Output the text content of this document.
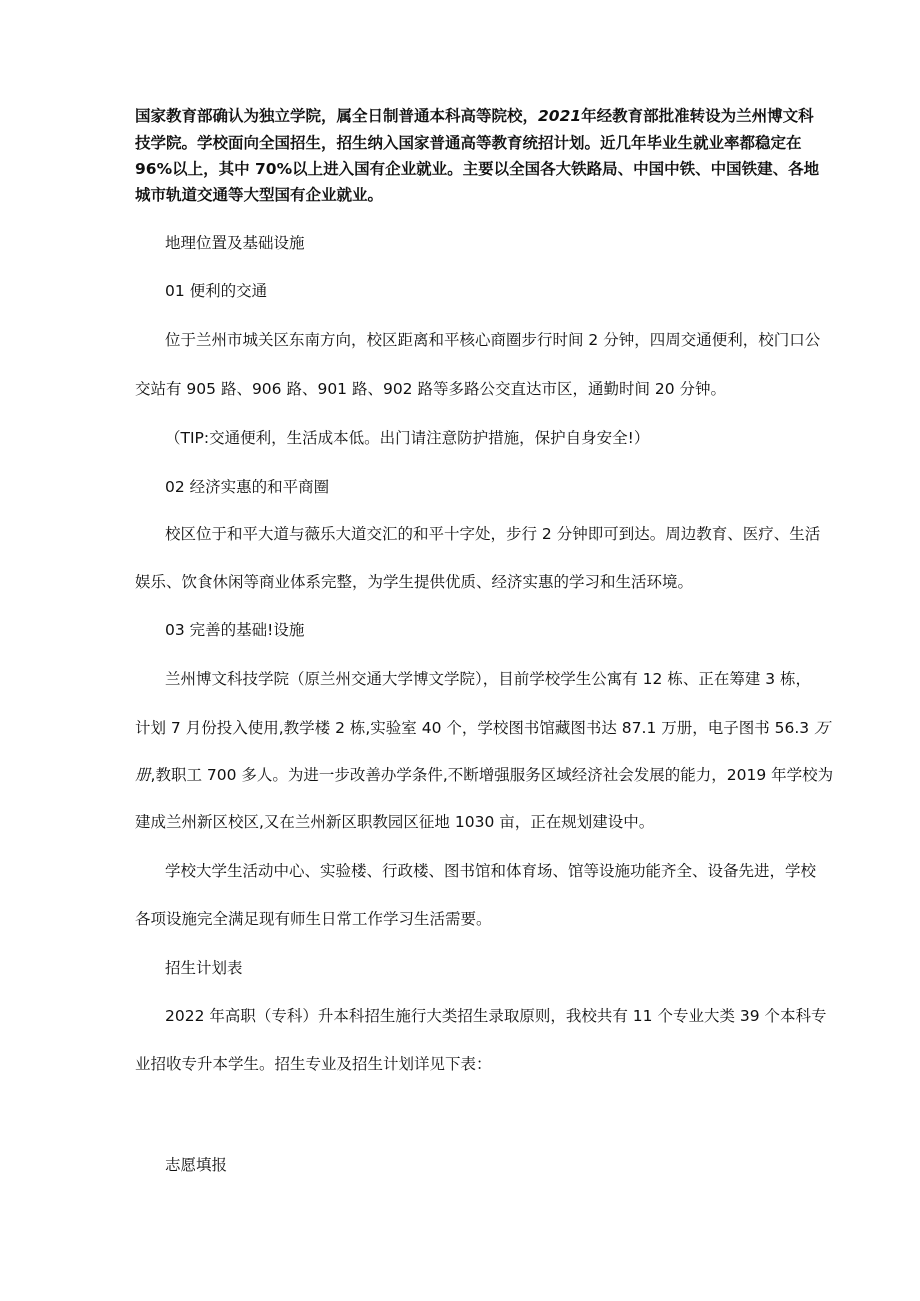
国家教育部确认为独立学院，属全日制普通本科高等院校，2021年经教育部批准转设为兰州博文科
技学院。学校面向全国招生，招生纳入国家普通高等教育统招计划。近几年毕业生就业率都稳定在
96%以上，其中 70%以上进入国有企业就业。主要以全国各大铁路局、中国中铁、中国铁建、各地
城市轨道交通等大型国有企业就业。
地理位置及基础设施
01 便利的交通
位于兰州市城关区东南方向，校区距离和平核心商圈步行时间 2 分钟，四周交通便利，校门口公
交站有 905 路、906 路、901 路、902 路等多路公交直达市区，通勤时间 20 分钟。
（TIP:交通便利，生活成本低。出门请注意防护措施，保护自身安全!）
02 经济实惠的和平商圈
校区位于和平大道与薇乐大道交汇的和平十字处，步行 2 分钟即可到达。周边教育、医疗、生活
娱乐、饮食休闲等商业体系完整，为学生提供优质、经济实惠的学习和生活环境。
03 完善的基础!设施
兰州博文科技学院（原兰州交通大学博文学院），目前学校学生公寓有 12 栋、正在筹建 3 栋，
计划 7 月份投入使用,教学楼 2 栋,实验室 40 个，学校图书馆藏图书达 87.1 万册，电子图书 56.3 万
册,教职工 700 多人。为进一步改善办学条件,不断增强服务区域经济社会发展的能力，2019 年学校为
建成兰州新区校区,又在兰州新区职教园区征地 1030 亩，正在规划建设中。
学校大学生活动中心、实验楼、行政楼、图书馆和体育场、馆等设施功能齐全、设备先进，学校
各项设施完全满足现有师生日常工作学习生活需要。
招生计划表
2022 年高职（专科）升本科招生施行大类招生录取原则，我校共有 11 个专业大类 39 个本科专
业招收专升本学生。招生专业及招生计划详见下表：
志愿填报
